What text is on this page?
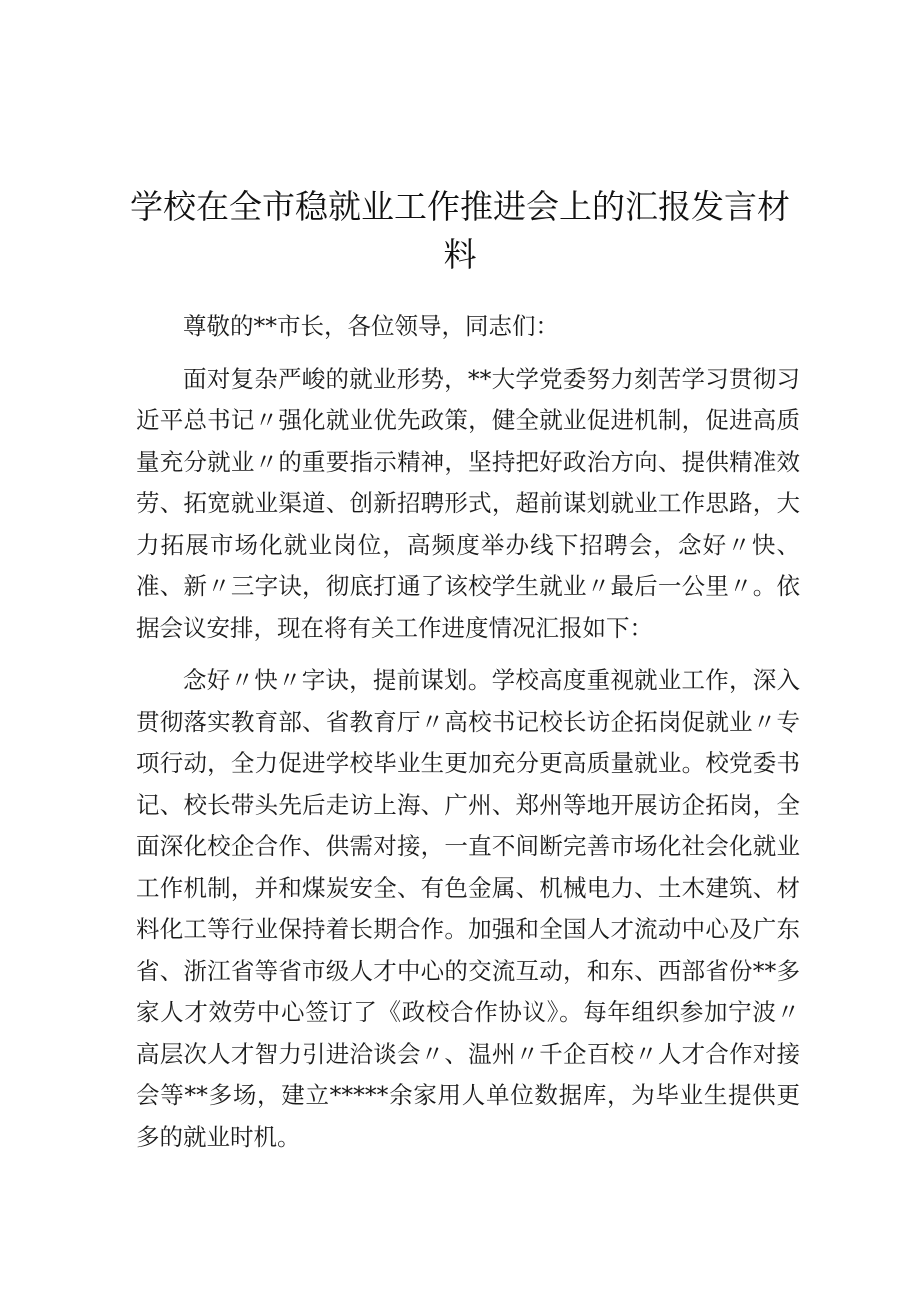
学校在全市稳就业工作推进会上的汇报发言材料

尊敬的**市长，各位领导，同志们：

面对复杂严峻的就业形势，**大学党委努力刻苦学习贯彻习近平总书记〃强化就业优先政策，健全就业促进机制，促进高质量充分就业〃的重要指示精神，坚持把好政治方向、提供精准效劳、拓宽就业渠道、创新招聘形式，超前谋划就业工作思路，大力拓展市场化就业岗位，高频度举办线下招聘会，念好〃快、准、新〃三字诀，彻底打通了该校学生就业〃最后一公里〃。依据会议安排，现在将有关工作进度情况汇报如下：

念好〃快〃字诀，提前谋划。学校高度重视就业工作，深入贯彻落实教育部、省教育厅〃高校书记校长访企拓岗促就业〃专项行动，全力促进学校毕业生更加充分更高质量就业。校党委书记、校长带头先后走访上海、广州、郑州等地开展访企拓岗，全面深化校企合作、供需对接，一直不间断完善市场化社会化就业工作机制，并和煤炭安全、有色金属、机械电力、土木建筑、材料化工等行业保持着长期合作。加强和全国人才流动中心及广东省、浙江省等省市级人才中心的交流互动，和东、西部省份**多家人才效劳中心签订了《政校合作协议》。每年组织参加宁波〃高层次人才智力引进洽谈会〃、温州〃千企百校〃人才合作对接会等**多场，建立*****余家用人单位数据库，为毕业生提供更多的就业时机。
